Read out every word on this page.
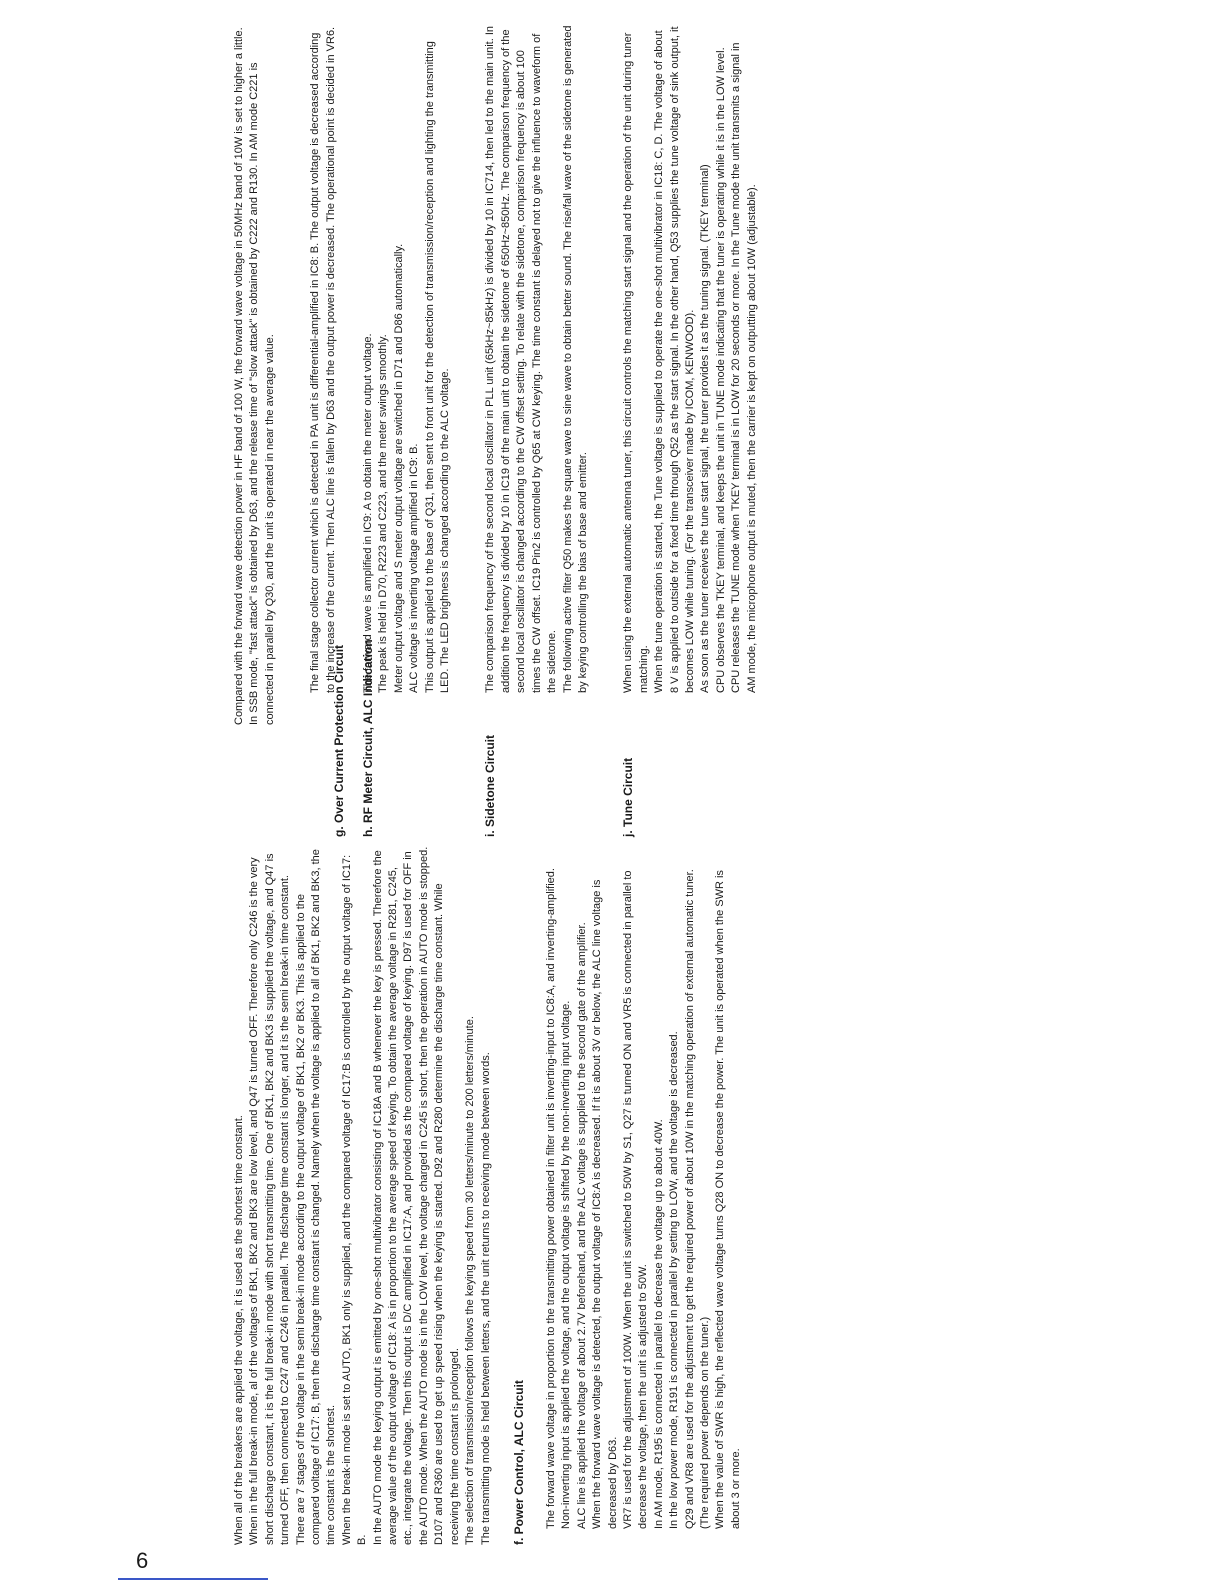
When all of the breakers are applied the voltage, it is used as the shortest time constant. When in the full break-in mode, al of the voltages of BK1, BK2 and BK3 are low level, and Q47 is turned OFF. Therefore only C246 is the very short discharge constant, it is the full break-in mode with short transmitting time. One of BK1, BK2 and BK3 is supplied the voltage, and Q47 is turned OFF, then connected to C247 and C246 in parallel. The discharge time constant is longer, and it is the semi break-in time constant. There are 7 stages of the voltage in the semi break-in mode according to the output voltage of BK1, BK2 or BK3. This is applied to the compared voltage of IC17: B, then the discharge time constant is changed. Namely when the voltage is applied to all of BK1, BK2 and BK3, the time constant is the shortest. When the break-in mode is set to AUTO, BK1 only is supplied, and the compared voltage of IC17:B is controlled by the output voltage of IC17: B. In the AUTO mode the keying output is emitted by one-shot multivibrator consisting of IC18A and B whenever the key is pressed. Therefore the average value of the output voltage of IC18: A is in proportion to the average speed of keying. To obtain the average voltage in R281, C245, etc., integrate the voltage. Then this output is D/C amplified in IC17:A, and provided as the compared voltage of keying. D97 is used for OFF in the AUTO mode. When the AUTO mode is in the LOW level, the voltage charged in C245 is short, then the operation in AUTO mode is stopped. D107 and R360 are used to get up speed rising when the keying is started. D92 and R280 determine the discharge time constant. While receiving the time constant is prolonged. The selection of transmission/reception follows the keying speed from 30 letters/minute to 200 letters/minute. The transmitting mode is held between letters, and the unit returns to receiving mode between words. f. Power Control, ALC Circuit The forward wave voltage in proportion to the transmitting power obtained in filter unit is inverting-input to IC8:A, and inverting-amplified. Non-inverting input is applied the voltage, and the output voltage is shifted by the non-inverting input voltage. ALC line is applied the voltage of about 2.7V beforehand, and the ALC voltage is supplied to the second gate of the amplifier. When the forward wave voltage is detected, the output voltage of IC8:A is decreased. If it is about 3V or below, the ALC line voltage is decreased by D63. VR7 is used for the adjustment of 100W. When the unit is switched to 50W by S1, Q27 is turned ON and VR5 is connected in parallel to decrease the voltage, then the unit is adjusted to 50W. In AM mode, R195 is connected in parallel to decrease the voltage up to about 40W. In the low power mode, R191 is connected in parallel by setting to LOW, and the voltage is decreased. Q29 and VR8 are used for the adjustment to get the required power of about 10W in the matching operation of external automatic tuner. (The required power depends on the tuner.) When the value of SWR is high, the reflected wave voltage turns Q28 ON to decrease the power. The unit is operated when the SWR is about 3 or more.

Compared with the forward wave detection power in HF band of 100 W, the forward wave voltage in 50MHz band of 10W is set to higher a little. In SSB mode, "fast attack" is obtained by D63, and the release time of "slow attack" is obtained by C222 and R130. In AM mode C221 is connected in parallel by Q30, and the unit is operated in near the average value.

g. Over Current Protection Circuit

The final stage collector current which is detected in PA unit is differential-amplified in IC8: B. The output voltage is decreased according to the increase of the current. Then ALC line is fallen by D63 and the output power is decreased. The operational point is decided in VR6.

h. RF Meter Circuit, ALC Indication

The forward wave is amplified in IC9: A to obtain the meter output voltage. The peak is held in D70, R223 and C223, and the meter swings smoothly. Meter output voltage and S meter output voltage are switched in D71 and D86 automatically. ALC voltage is inverting voltage amplified in IC9: B. This output is applied to the base of Q31, then sent to front unit for the detection of transmission/reception and lighting the transmitting LED. The LED brighness is changed according to the ALC voltage.

i. Sidetone Circuit

The comparison frequency of the second local oscillator in PLL unit (65kHz~85kHz) is divided by 10 in IC714, then led to the main unit. In addition the frequency is divided by 10 in IC19 of the main unit to obtain the sidetone of 650Hz~850Hz. The comparison frequency of the second local oscillator is changed according to the CW offset setting. To relate with the sidetone, comparison frequency is about 100 times the CW offset. IC19 Pin2 is controlled by Q65 at CW keying. The time constant is delayed not to give the influence to waveform of the sidetone. The following active filter Q50 makes the square wave to sine wave to obtain better sound. The rise/fall wave of the sidetone is generated by keying controlling the bias of base and emitter.

j. Tune Circuit

When using the external automatic antenna tuner, this circuit controls the matching start signal and the operation of the unit during tuner matching. When the tune operation is started, the Tune voltage is supplied to operate the one-shot multivibrator in IC18: C, D. The voltage of about 8 V is applied to outside for a fixed time through Q52 as the start signal. In the other hand, Q53 supplies the tune voltage of sink output, it becomes LOW while tuning. (For the transceiver made by ICOM, KENWOOD). As soon as the tuner receives the tune start signal, the tuner provides it as the tuning signal. (TKEY terminal) CPU observes the TKEY terminal, and keeps the unit in TUNE mode indicating that the tuner is operating while it is in the LOW level. CPU releases the TUNE mode when TKEY terminal is in LOW for 20 seconds or more. In the Tune mode the unit transmits a signal in AM mode, the microphone output is muted, then the carrier is kept on outputting about 10W (adjustable).

6
